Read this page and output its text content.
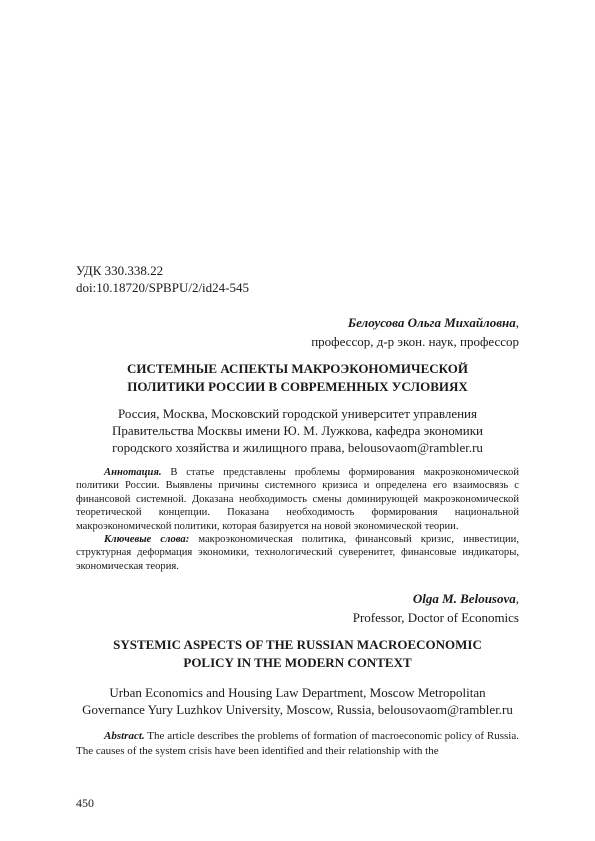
УДК 330.338.22
doi:10.18720/SPBPU/2/id24-545
Белоусова Ольга Михайловна,
профессор, д-р экон. наук, профессор
СИСТЕМНЫЕ АСПЕКТЫ МАКРОЭКОНОМИЧЕСКОЙ
ПОЛИТИКИ РОССИИ В СОВРЕМЕННЫХ УСЛОВИЯХ
Россия, Москва, Московский городской университет управления
Правительства Москвы имени Ю. М. Лужкова, кафедра экономики
городского хозяйства и жилищного права, belousovaom@rambler.ru

Аннотация. В статье представлены проблемы формирования макроэкономической политики России. Выявлены причины системного кризиса и определена его взаимосвязь с финансовой системной. Доказана необходимость смены доминирующей макроэкономической теоретической концепции. Показана необходимость формирования национальной макроэкономической политики, которая базируется на новой экономической теории.

Ключевые слова: макроэкономическая политика, финансовый кризис, инвестиции, структурная деформация экономики, технологический суверенитет, финансовые индикаторы, экономическая теория.

Olga M. Belousova,
Professor, Doctor of Economics
SYSTEMIC ASPECTS OF THE RUSSIAN MACROECONOMIC
POLICY IN THE MODERN CONTEXT
Urban Economics and Housing Law Department, Moscow Metropolitan
Governance Yury Luzhkov University, Moscow, Russia, belousovaom@rambler.ru

Abstract. The article describes the problems of formation of macroeconomic policy of Russia. The causes of the system crisis have been identified and their relationship with the

450
